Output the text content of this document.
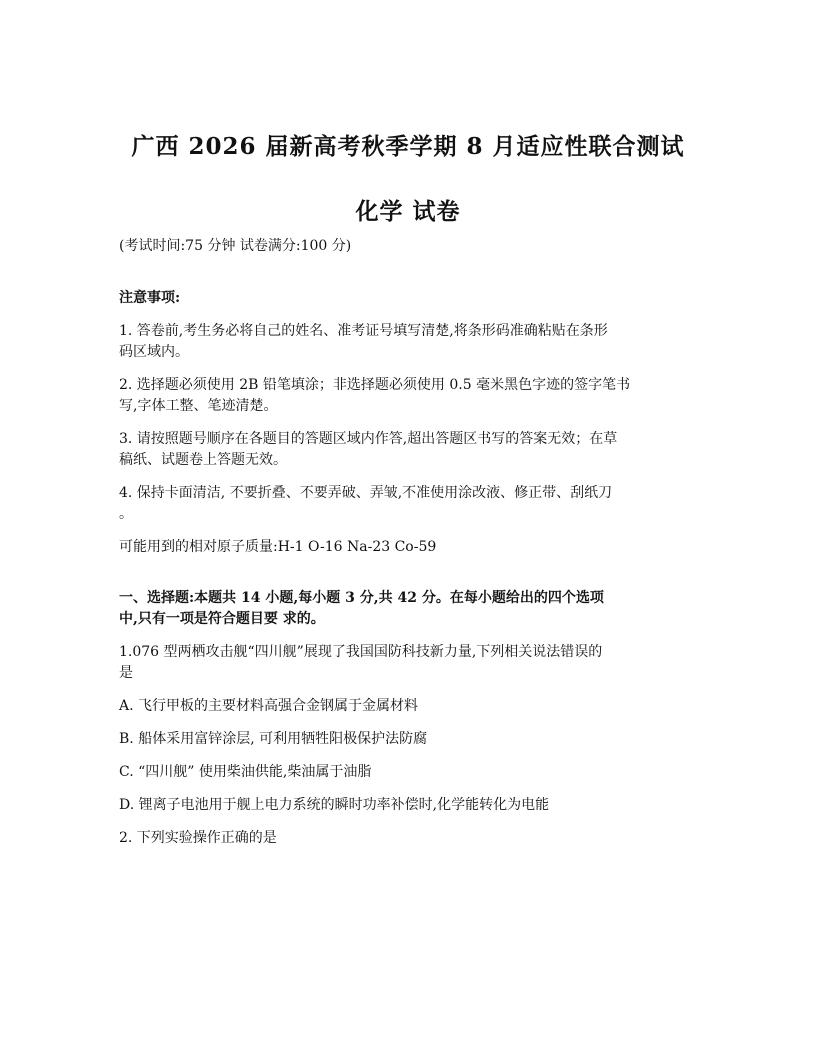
广西 2026 届新高考秋季学期 8 月适应性联合测试
化学 试卷
(考试时间:75 分钟 试卷满分:100 分)
注意事项:
1. 答卷前,考生务必将自己的姓名、准考证号填写清楚,将条形码准确粘贴在条形
码区域内。
2. 选择题必须使用 2B 铅笔填涂；非选择题必须使用 0.5 毫米黑色字迹的签字笔书
写,字体工整、笔迹清楚。
3. 请按照题号顺序在各题目的答题区域内作答,超出答题区书写的答案无效；在草
稿纸、试题卷上答题无效。
4. 保持卡面清洁, 不要折叠、不要弄破、弄皱,不准使用涂改液、修正带、刮纸刀
。
可能用到的相对原子质量:H-1 O-16 Na-23 Co-59
一、选择题:本题共 14 小题,每小题 3 分,共 42 分。在每小题给出的四个选项
中,只有一项是符合题目要 求的。
1.076 型两栖攻击舰“四川舰”展现了我国国防科技新力量,下列相关说法错误的
是
A. 飞行甲板的主要材料高强合金钢属于金属材料
B. 船体采用富锌涂层, 可利用牺牲阳极保护法防腐
C. “四川舰” 使用柴油供能,柴油属于油脂
D. 锂离子电池用于舰上电力系统的瞬时功率补偿时,化学能转化为电能
2. 下列实验操作正确的是
